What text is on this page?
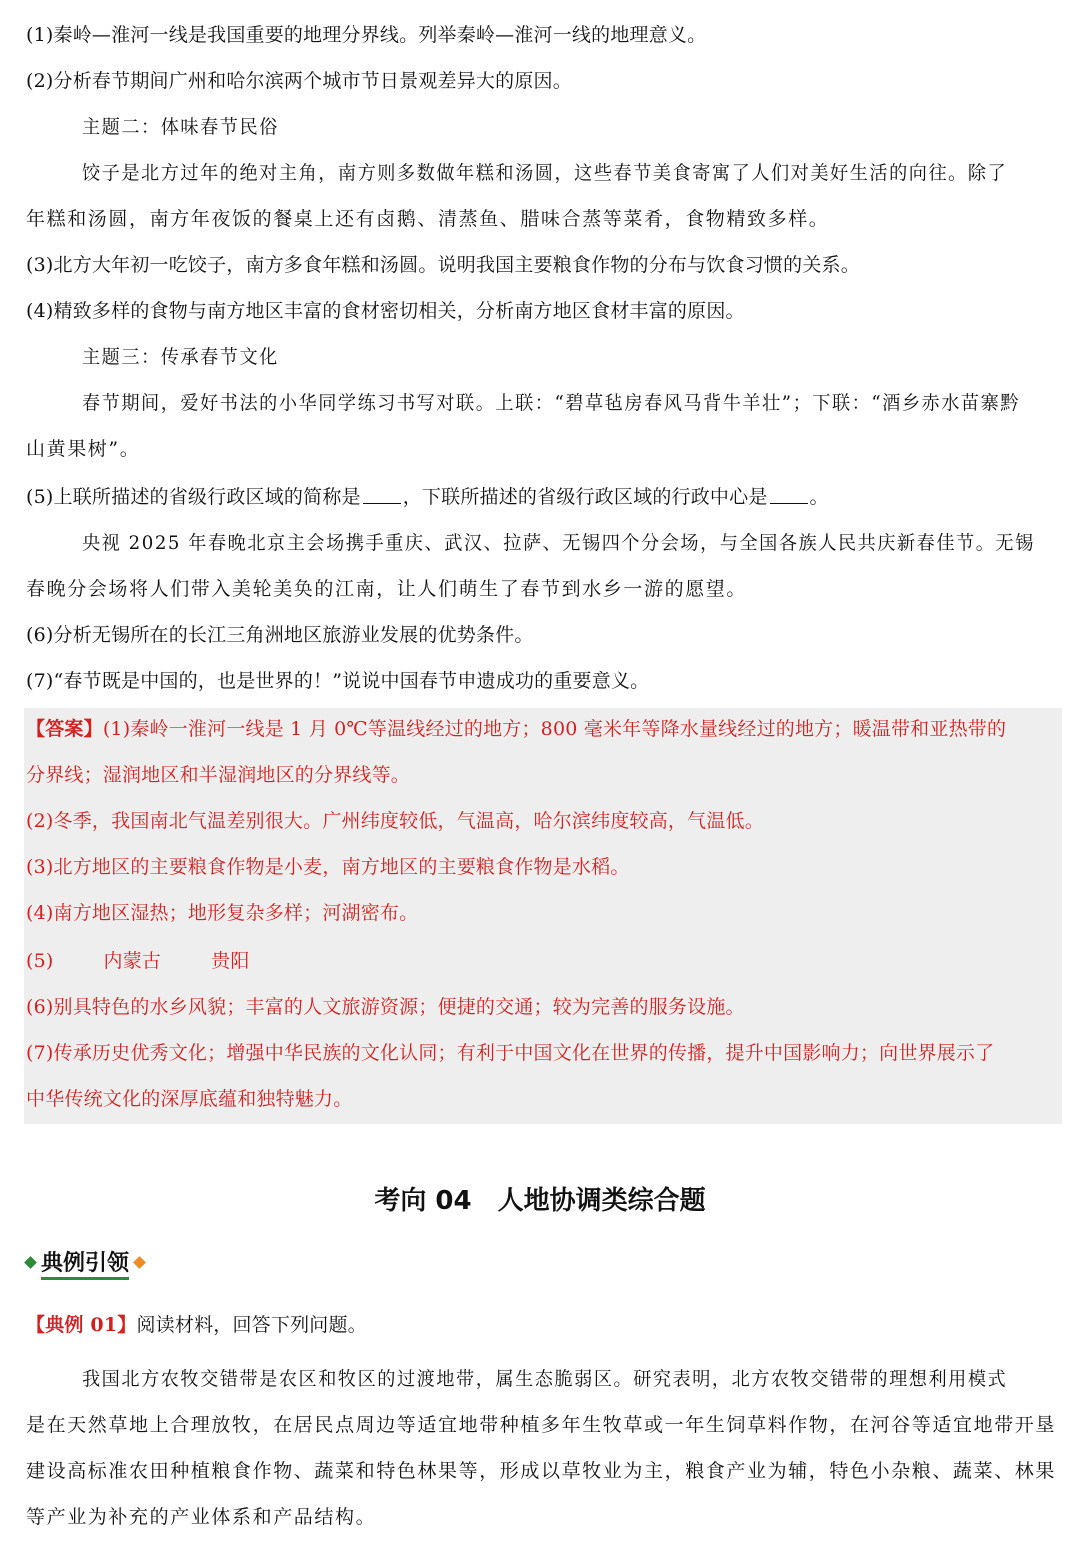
(1)秦岭—淮河一线是我国重要的地理分界线。列举秦岭—淮河一线的地理意义。
(2)分析春节期间广州和哈尔滨两个城市节日景观差异大的原因。
主题二：体味春节民俗
饺子是北方过年的绝对主角，南方则多数做年糕和汤圆，这些春节美食寄寓了人们对美好生活的向往。除了
年糕和汤圆，南方年夜饭的餐桌上还有卤鹅、清蒸鱼、腊味合蒸等菜肴，食物精致多样。
(3)北方大年初一吃饺子，南方多食年糕和汤圆。说明我国主要粮食作物的分布与饮食习惯的关系。
(4)精致多样的食物与南方地区丰富的食材密切相关，分析南方地区食材丰富的原因。
主题三：传承春节文化
春节期间，爱好书法的小华同学练习书写对联。上联：“碧草毡房春风马背牛羊壮”；下联：“酒乡赤水苗寨黔
山黄果树”。
(5)上联所描述的省级行政区域的简称是 ，下联所描述的省级行政区域的行政中心是 。
央视 2025 年春晚北京主会场携手重庆、武汉、拉萨、无锡四个分会场，与全国各族人民共庆新春佳节。无锡
春晚分会场将人们带入美轮美奂的江南，让人们萌生了春节到水乡一游的愿望。
(6)分析无锡所在的长江三角洲地区旅游业发展的优势条件。
(7)“春节既是中国的，也是世界的！”说说中国春节申遗成功的重要意义。
【答案】(1)秦岭一淮河一线是 1 月 0℃等温线经过的地方；800 毫米年等降水量线经过的地方；暖温带和亚热带的
分界线；湿润地区和半湿润地区的分界线等。
(2)冬季，我国南北气温差别很大。广州纬度较低，气温高，哈尔滨纬度较高，气温低。
(3)北方地区的主要粮食作物是小麦，南方地区的主要粮食作物是水稻。
(4)南方地区湿热；地形复杂多样；河湖密布。
(5)	内蒙古	贵阳
(6)别具特色的水乡风貌；丰富的人文旅游资源；便捷的交通；较为完善的服务设施。
(7)传承历史优秀文化；增强中华民族的文化认同；有利于中国文化在世界的传播，提升中国影响力；向世界展示了
中华传统文化的深厚底蕴和独特魅力。
考向 04 人地协调类综合题
典例引领
【典例 01】阅读材料，回答下列问题。
我国北方农牧交错带是农区和牧区的过渡地带，属生态脆弱区。研究表明，北方农牧交错带的理想利用模式
是在天然草地上合理放牧，在居民点周边等适宜地带种植多年生牧草或一年生饲草料作物，在河谷等适宜地带开垦
建设高标准农田种植粮食作物、蔬菜和特色林果等，形成以草牧业为主，粮食产业为辅，特色小杂粮、蔬菜、林果
等产业为补充的产业体系和产品结构。
